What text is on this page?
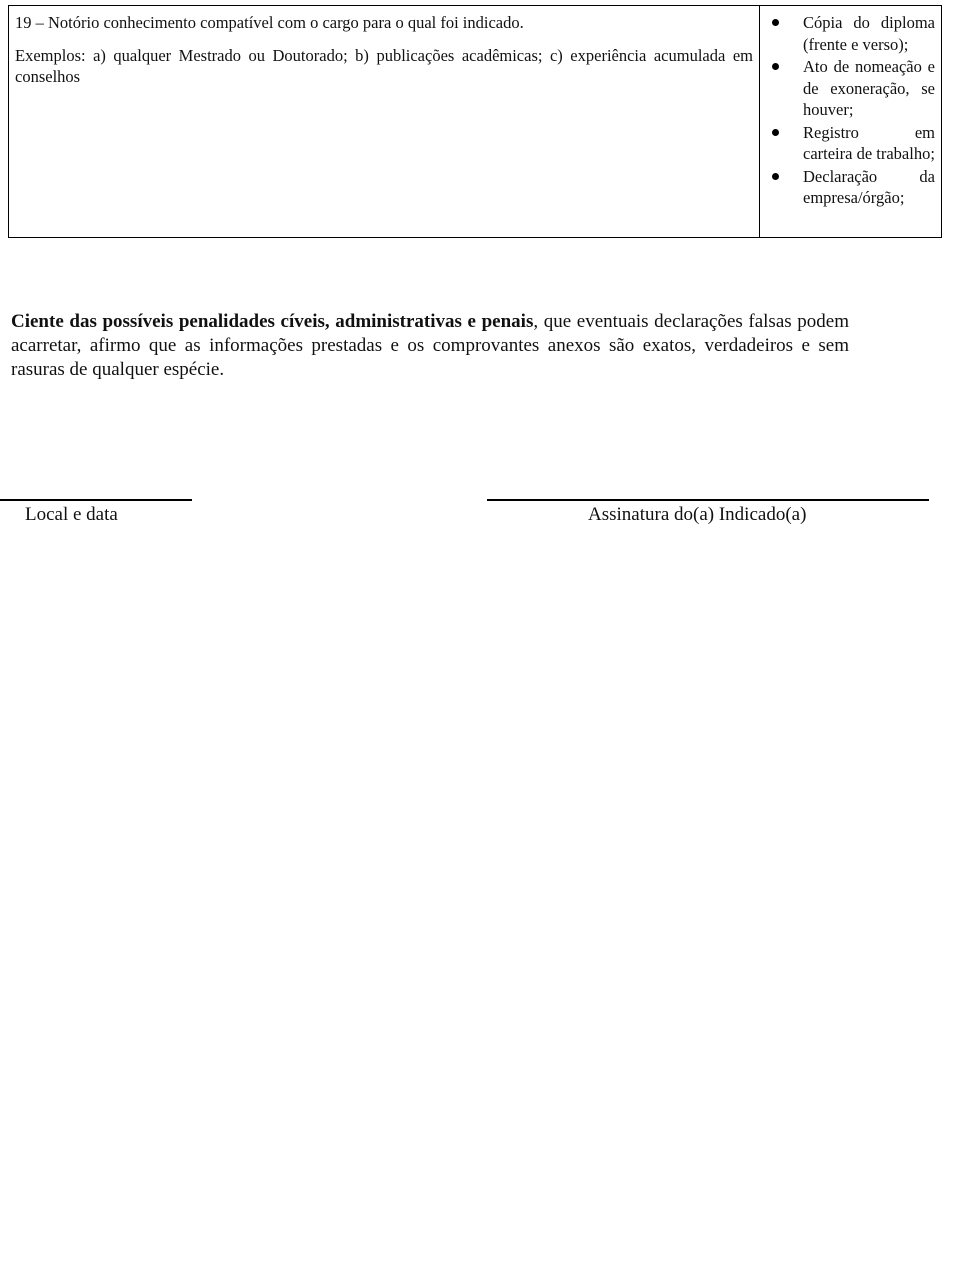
19 – Notório conhecimento compatível com o cargo para o qual foi indicado.

Exemplos: a) qualquer Mestrado ou Doutorado; b) publicações acadêmicas; c) experiência acumulada em conselhos

Cópia do diploma (frente e verso);
Ato de nomeação e de exoneração, se houver;
Registro em carteira de trabalho;
Declaração da empresa/órgão;

Ciente das possíveis penalidades cíveis, administrativas e penais, que eventuais declarações falsas podem acarretar, afirmo que as informações prestadas e os comprovantes anexos são exatos, verdadeiros e sem rasuras de qualquer espécie.

Local e data	Assinatura do(a) Indicado(a)
